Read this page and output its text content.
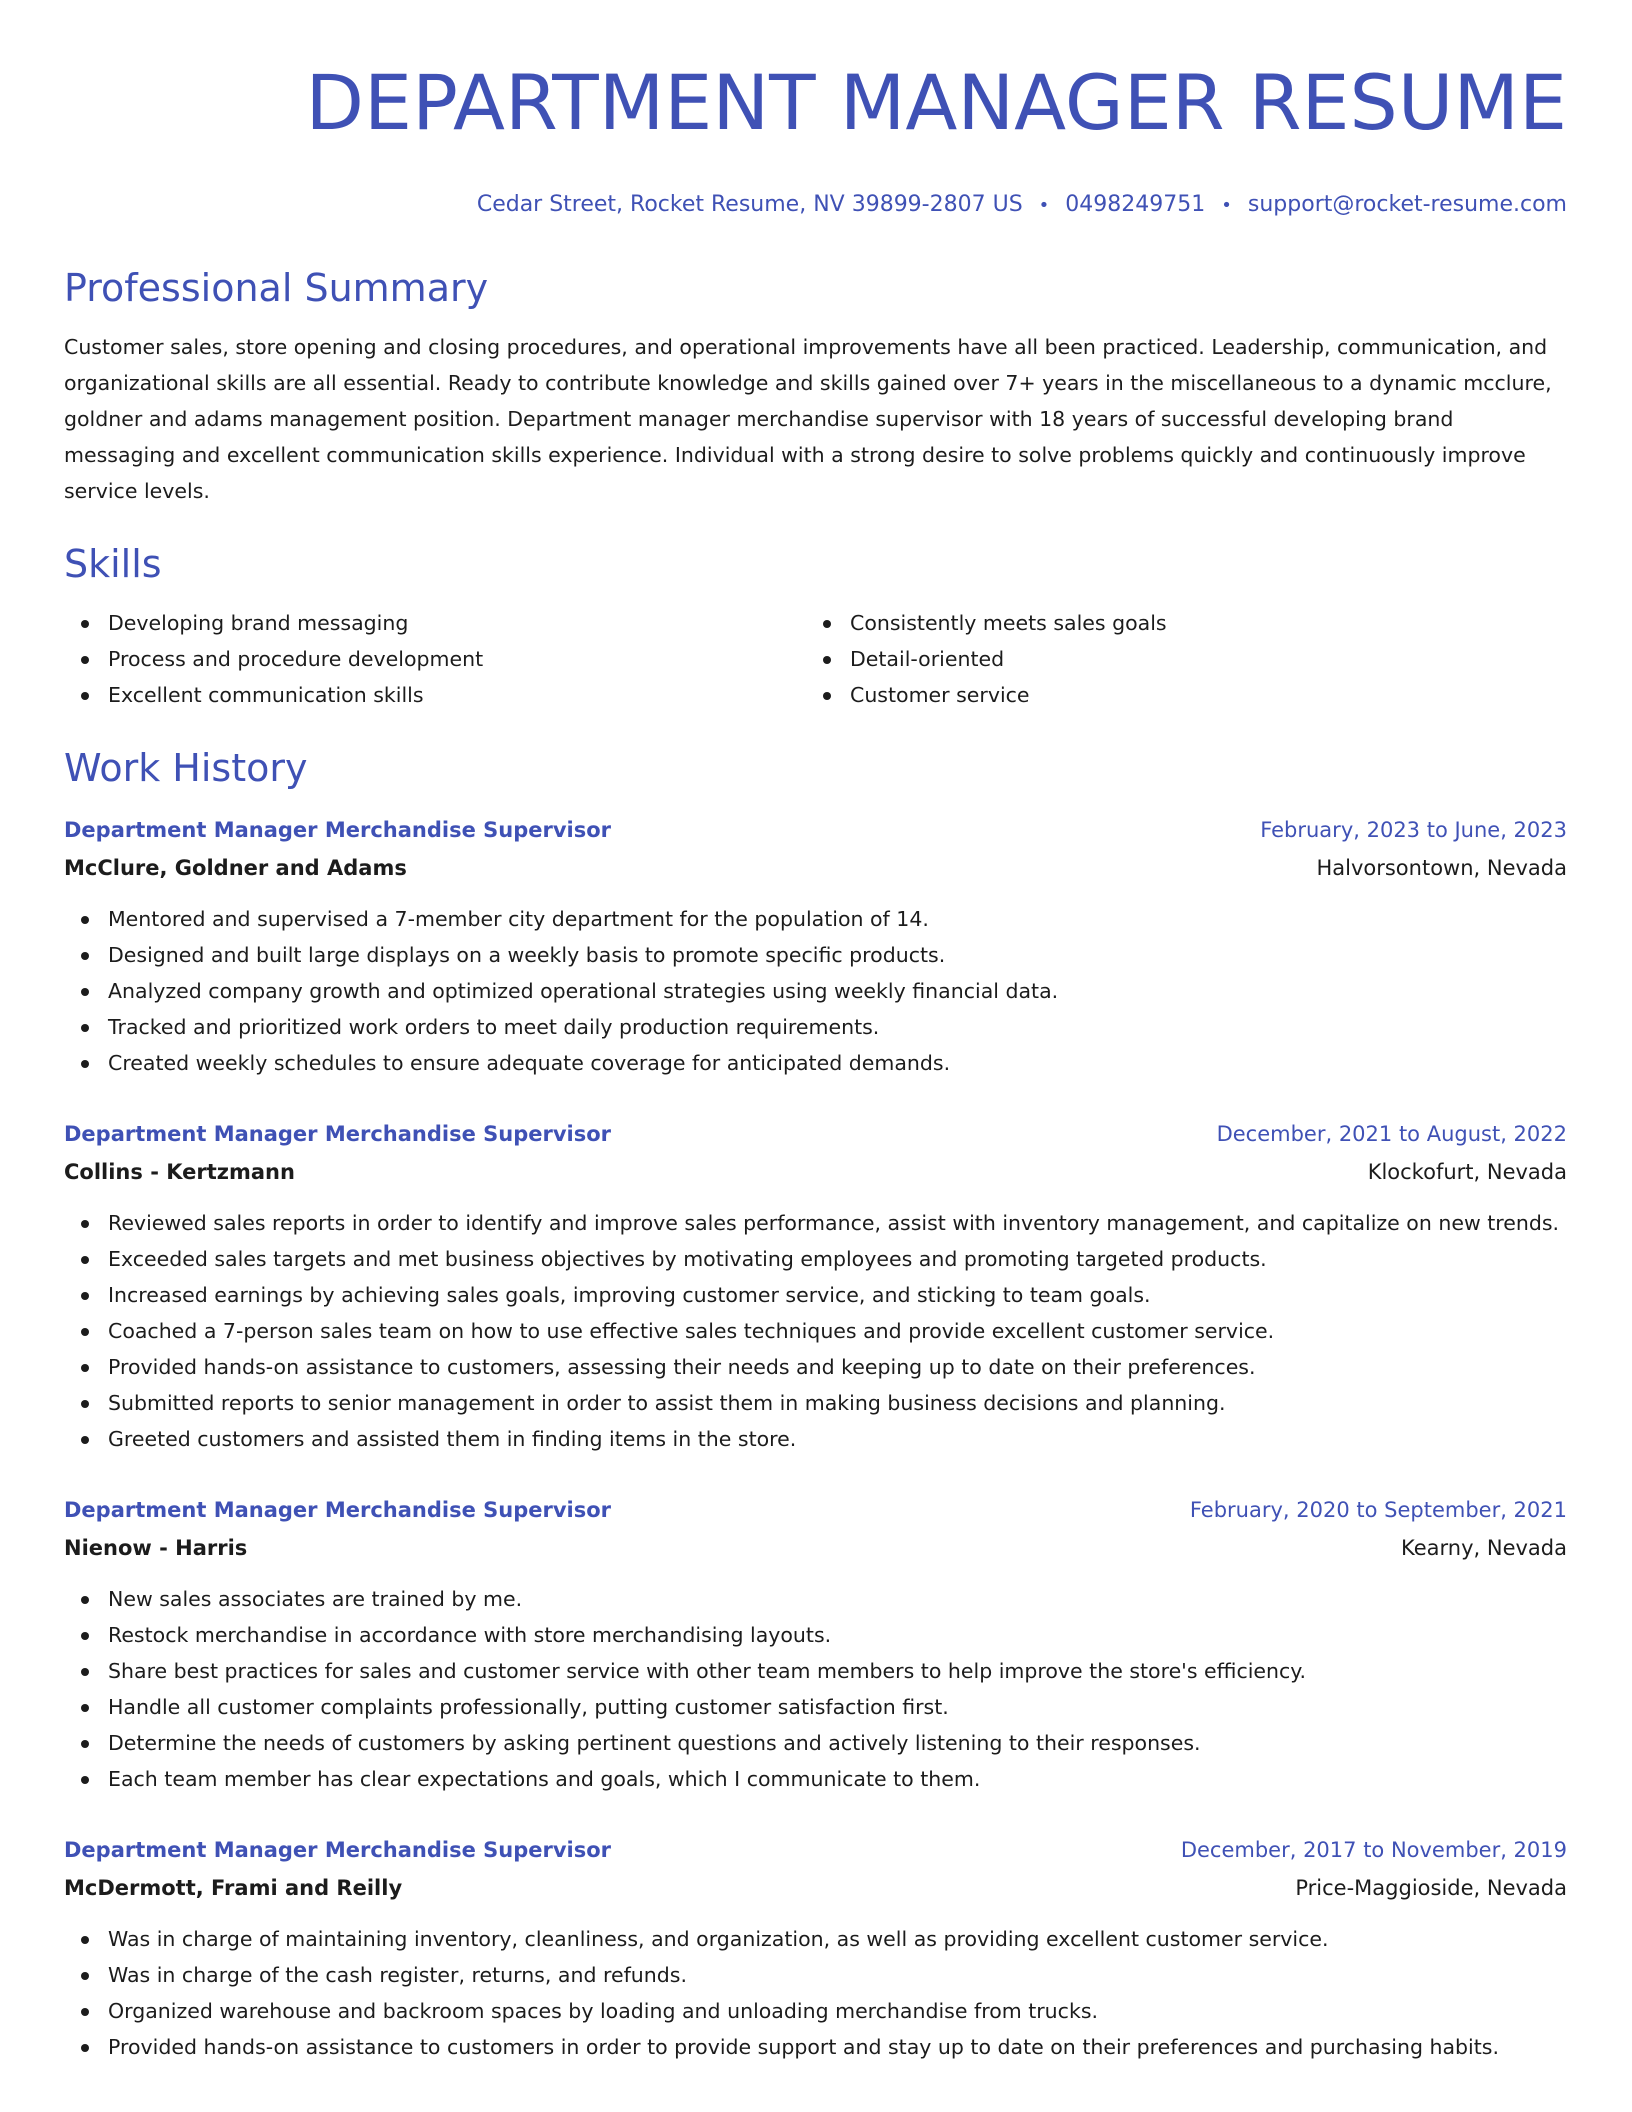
DEPARTMENT MANAGER RESUME
Cedar Street, Rocket Resume, NV 39899-2807 US • 0498249751 • support@rocket-resume.com
Professional Summary

Customer sales, store opening and closing procedures, and operational improvements have all been practiced. Leadership, communication, and organizational skills are all essential. Ready to contribute knowledge and skills gained over 7+ years in the miscellaneous to a dynamic mcclure, goldner and adams management position. Department manager merchandise supervisor with 18 years of successful developing brand messaging and excellent communication skills experience. Individual with a strong desire to solve problems quickly and continuously improve service levels.

Skills
Developing brand messaging	Consistently meets sales goals
Process and procedure development	Detail-oriented
Excellent communication skills	Customer service
Work History
Department Manager Merchandise Supervisor	February, 2023 to June, 2023
McClure, Goldner and Adams	Halvorsontown, Nevada
Mentored and supervised a 7-member city department for the population of 14.
Designed and built large displays on a weekly basis to promote specific products.
Analyzed company growth and optimized operational strategies using weekly financial data.
Tracked and prioritized work orders to meet daily production requirements.
Created weekly schedules to ensure adequate coverage for anticipated demands.
Department Manager Merchandise Supervisor	December, 2021 to August, 2022
Collins - Kertzmann	Klockofurt, Nevada
Reviewed sales reports in order to identify and improve sales performance, assist with inventory management, and capitalize on new trends.
Exceeded sales targets and met business objectives by motivating employees and promoting targeted products.
Increased earnings by achieving sales goals, improving customer service, and sticking to team goals.
Coached a 7-person sales team on how to use effective sales techniques and provide excellent customer service.
Provided hands-on assistance to customers, assessing their needs and keeping up to date on their preferences.
Submitted reports to senior management in order to assist them in making business decisions and planning.
Greeted customers and assisted them in finding items in the store.
Department Manager Merchandise Supervisor	February, 2020 to September, 2021
Nienow - Harris	Kearny, Nevada
New sales associates are trained by me.
Restock merchandise in accordance with store merchandising layouts.
Share best practices for sales and customer service with other team members to help improve the store's efficiency.
Handle all customer complaints professionally, putting customer satisfaction first.
Determine the needs of customers by asking pertinent questions and actively listening to their responses.
Each team member has clear expectations and goals, which I communicate to them.
Department Manager Merchandise Supervisor	December, 2017 to November, 2019
McDermott, Frami and Reilly	Price-Maggioside, Nevada
Was in charge of maintaining inventory, cleanliness, and organization, as well as providing excellent customer service.
Was in charge of the cash register, returns, and refunds.
Organized warehouse and backroom spaces by loading and unloading merchandise from trucks.
Provided hands-on assistance to customers in order to provide support and stay up to date on their preferences and purchasing habits.
